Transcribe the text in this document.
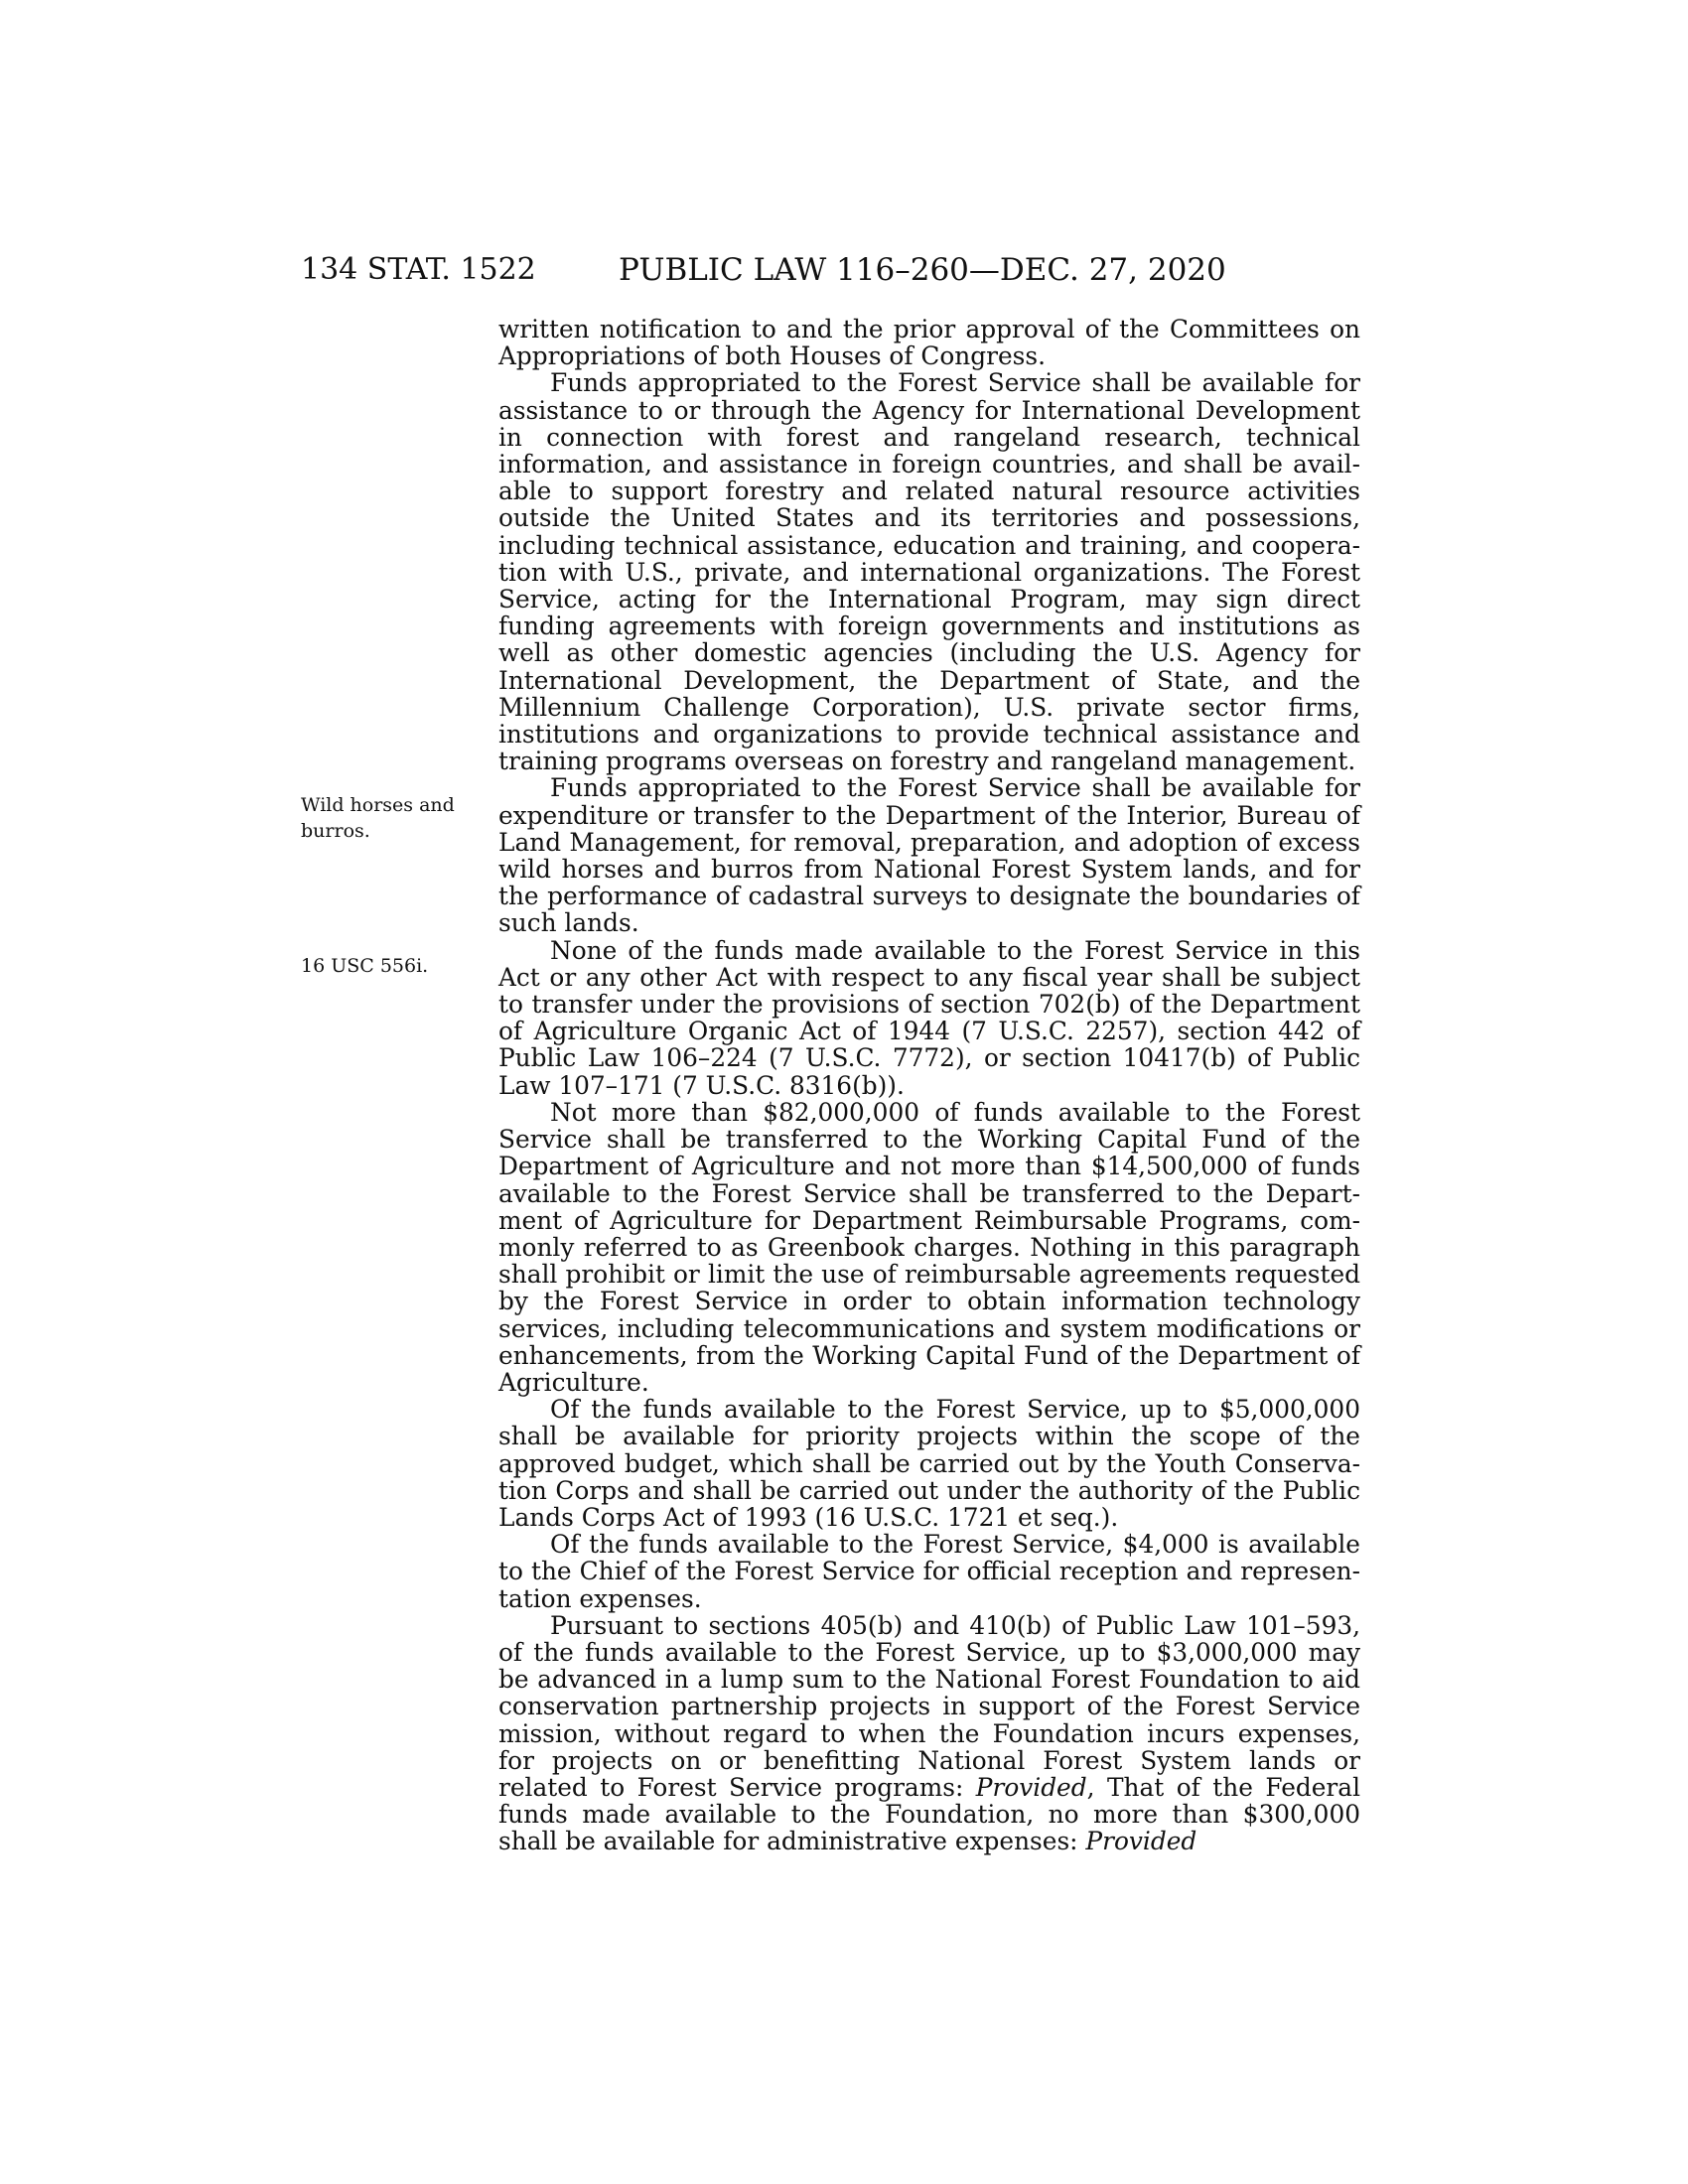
134 STAT. 1522	PUBLIC LAW 116–260—DEC. 27, 2020
Wild horses and burros.
16 USC 556i.

written notification to and the prior approval of the Committees on Appropriations of both Houses of Congress.

Funds appropriated to the Forest Service shall be available for assistance to or through the Agency for International Development in connection with forest and rangeland research, technical information, and assistance in foreign countries, and shall be available to support forestry and related natural resource activities outside the United States and its territories and possessions, including technical assistance, education and training, and cooperation with U.S., private, and international organizations. The Forest Service, acting for the International Program, may sign direct funding agreements with foreign governments and institutions as well as other domestic agencies (including the U.S. Agency for International Development, the Department of State, and the Millennium Challenge Corporation), U.S. private sector firms, institutions and organizations to provide technical assistance and training programs overseas on forestry and rangeland management.

Funds appropriated to the Forest Service shall be available for expenditure or transfer to the Department of the Interior, Bureau of Land Management, for removal, preparation, and adoption of excess wild horses and burros from National Forest System lands, and for the performance of cadastral surveys to designate the boundaries of such lands.

None of the funds made available to the Forest Service in this Act or any other Act with respect to any fiscal year shall be subject to transfer under the provisions of section 702(b) of the Department of Agriculture Organic Act of 1944 (7 U.S.C. 2257), section 442 of Public Law 106–224 (7 U.S.C. 7772), or section 10417(b) of Public Law 107–171 (7 U.S.C. 8316(b)).

Not more than $82,000,000 of funds available to the Forest Service shall be transferred to the Working Capital Fund of the Department of Agriculture and not more than $14,500,000 of funds available to the Forest Service shall be transferred to the Department of Agriculture for Department Reimbursable Programs, commonly referred to as Greenbook charges. Nothing in this paragraph shall prohibit or limit the use of reimbursable agreements requested by the Forest Service in order to obtain information technology services, including telecommunications and system modifications or enhancements, from the Working Capital Fund of the Department of Agriculture.

Of the funds available to the Forest Service, up to $5,000,000 shall be available for priority projects within the scope of the approved budget, which shall be carried out by the Youth Conservation Corps and shall be carried out under the authority of the Public Lands Corps Act of 1993 (16 U.S.C. 1721 et seq.).

Of the funds available to the Forest Service, $4,000 is available to the Chief of the Forest Service for official reception and representation expenses.

Pursuant to sections 405(b) and 410(b) of Public Law 101–593, of the funds available to the Forest Service, up to $3,000,000 may be advanced in a lump sum to the National Forest Foundation to aid conservation partnership projects in support of the Forest Service mission, without regard to when the Foundation incurs expenses, for projects on or benefitting National Forest System lands or related to Forest Service programs: Provided, That of the Federal funds made available to the Foundation, no more than $300,000 shall be available for administrative expenses: Provided
